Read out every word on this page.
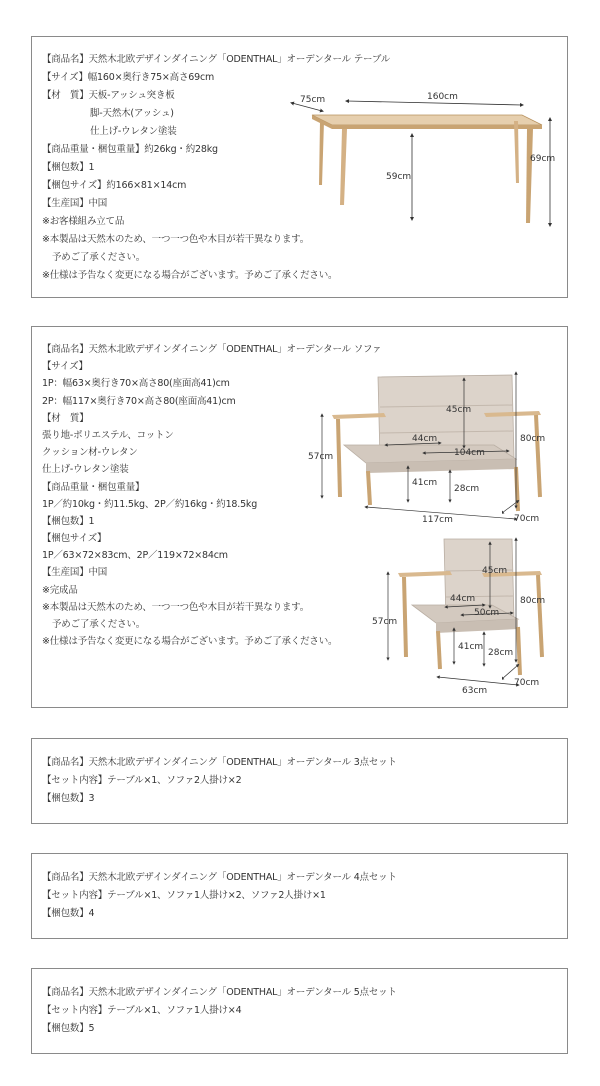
【商品名】天然木北欧デザインダイニング「ODENTHAL」オーデンタール テーブル
【サイズ】幅160×奥行き75×高さ69cm
【材　質】天板-アッシュ突き板
脚-天然木(アッシュ)
仕上げ-ウレタン塗装
【商品重量・梱包重量】約26kg・約28kg
【梱包数】1
【梱包サイズ】約166×81×14cm
【生産国】中国
※お客様組み立て品
※本製品は天然木のため、一つ一つ色や木目が若干異なります。
予めご了承ください。
※仕様は予告なく変更になる場合がございます。予めご了承ください。
75cm	160cm
59cm
69cm
【商品名】天然木北欧デザインダイニング「ODENTHAL」オーデンタール ソファ
【サイズ】
1P：幅63×奥行き70×高さ80(座面高41)cm
2P：幅117×奥行き70×高さ80(座面高41)cm
【材　質】
張り地-ポリエステル、コットン
クッション材-ウレタン
仕上げ-ウレタン塗装
【商品重量・梱包重量】
1P／約10kg・約11.5kg、2P／約16kg・約18.5kg
【梱包数】1
【梱包サイズ】
1P／63×72×83cm、2P／119×72×84cm
【生産国】中国
※完成品
※本製品は天然木のため、一つ一つ色や木目が若干異なります。
予めご了承ください。
※仕様は予告なく変更になる場合がございます。予めご了承ください。
45cm
44cm
104cm
57cm
41cm
28cm
117cm
80cm
70cm
45cm
44cm
50cm
41cm
28cm
63cm
57cm
80cm
70cm
【商品名】天然木北欧デザインダイニング「ODENTHAL」オーデンタール 3点セット
【セット内容】テーブル×1、ソファ2人掛け×2
【梱包数】3
【商品名】天然木北欧デザインダイニング「ODENTHAL」オーデンタール 4点セット
【セット内容】テーブル×1、ソファ1人掛け×2、ソファ2人掛け×1
【梱包数】4
【商品名】天然木北欧デザインダイニング「ODENTHAL」オーデンタール 5点セット
【セット内容】テーブル×1、ソファ1人掛け×4
【梱包数】5
